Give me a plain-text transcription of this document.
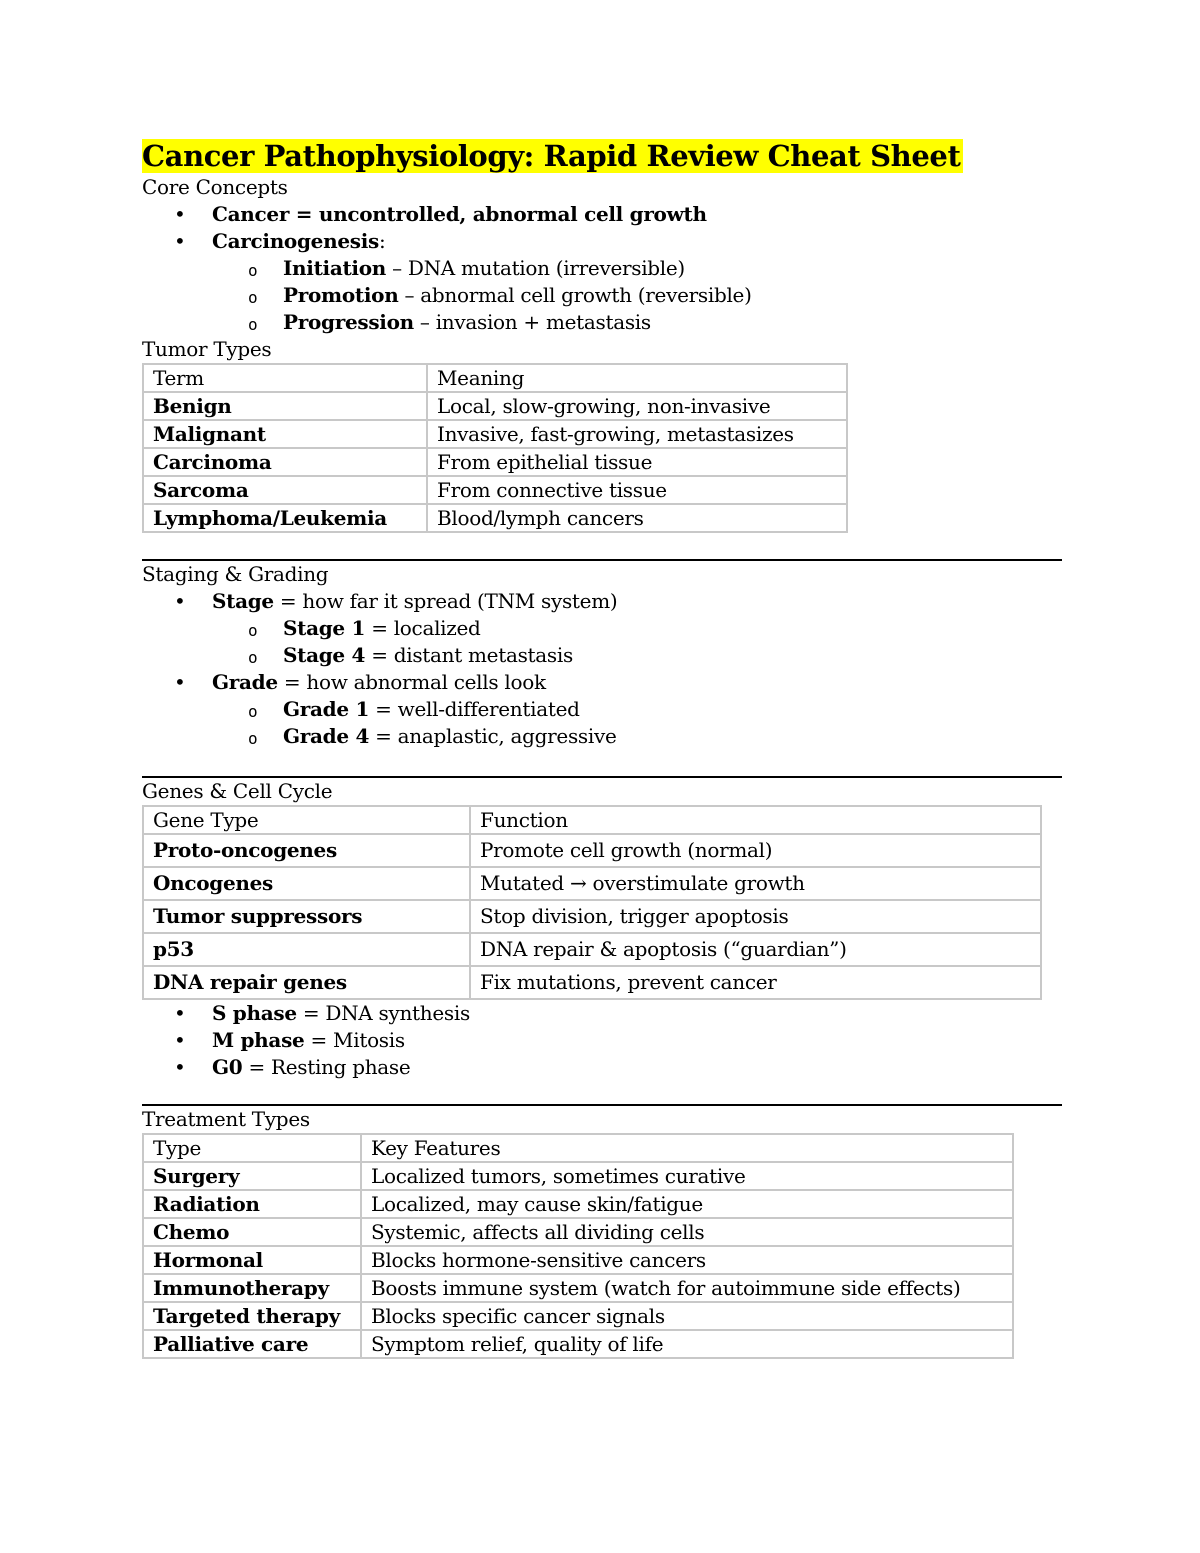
Cancer Pathophysiology: Rapid Review Cheat Sheet
Core Concepts
• Cancer = uncontrolled, abnormal cell growth
• Carcinogenesis:
o Initiation – DNA mutation (irreversible)
o Promotion – abnormal cell growth (reversible)
o Progression – invasion + metastasis
Tumor Types
Term	Meaning
Benign	Local, slow-growing, non-invasive
Malignant	Invasive, fast-growing, metastasizes
Carcinoma	From epithelial tissue
Sarcoma	From connective tissue
Lymphoma/Leukemia	Blood/lymph cancers
Staging & Grading
• Stage = how far it spread (TNM system)
o Stage 1 = localized
o Stage 4 = distant metastasis
• Grade = how abnormal cells look
o Grade 1 = well-differentiated
o Grade 4 = anaplastic, aggressive
Genes & Cell Cycle
Gene Type	Function
Proto-oncogenes	Promote cell growth (normal)
Oncogenes	Mutated → overstimulate growth
Tumor suppressors	Stop division, trigger apoptosis
p53	DNA repair & apoptosis (“guardian”)
DNA repair genes	Fix mutations, prevent cancer
• S phase = DNA synthesis
• M phase = Mitosis
• G0 = Resting phase
Treatment Types
Type	Key Features
Surgery	Localized tumors, sometimes curative
Radiation	Localized, may cause skin/fatigue
Chemo	Systemic, affects all dividing cells
Hormonal	Blocks hormone-sensitive cancers
Immunotherapy	Boosts immune system (watch for autoimmune side effects)
Targeted therapy	Blocks specific cancer signals
Palliative care	Symptom relief, quality of life
